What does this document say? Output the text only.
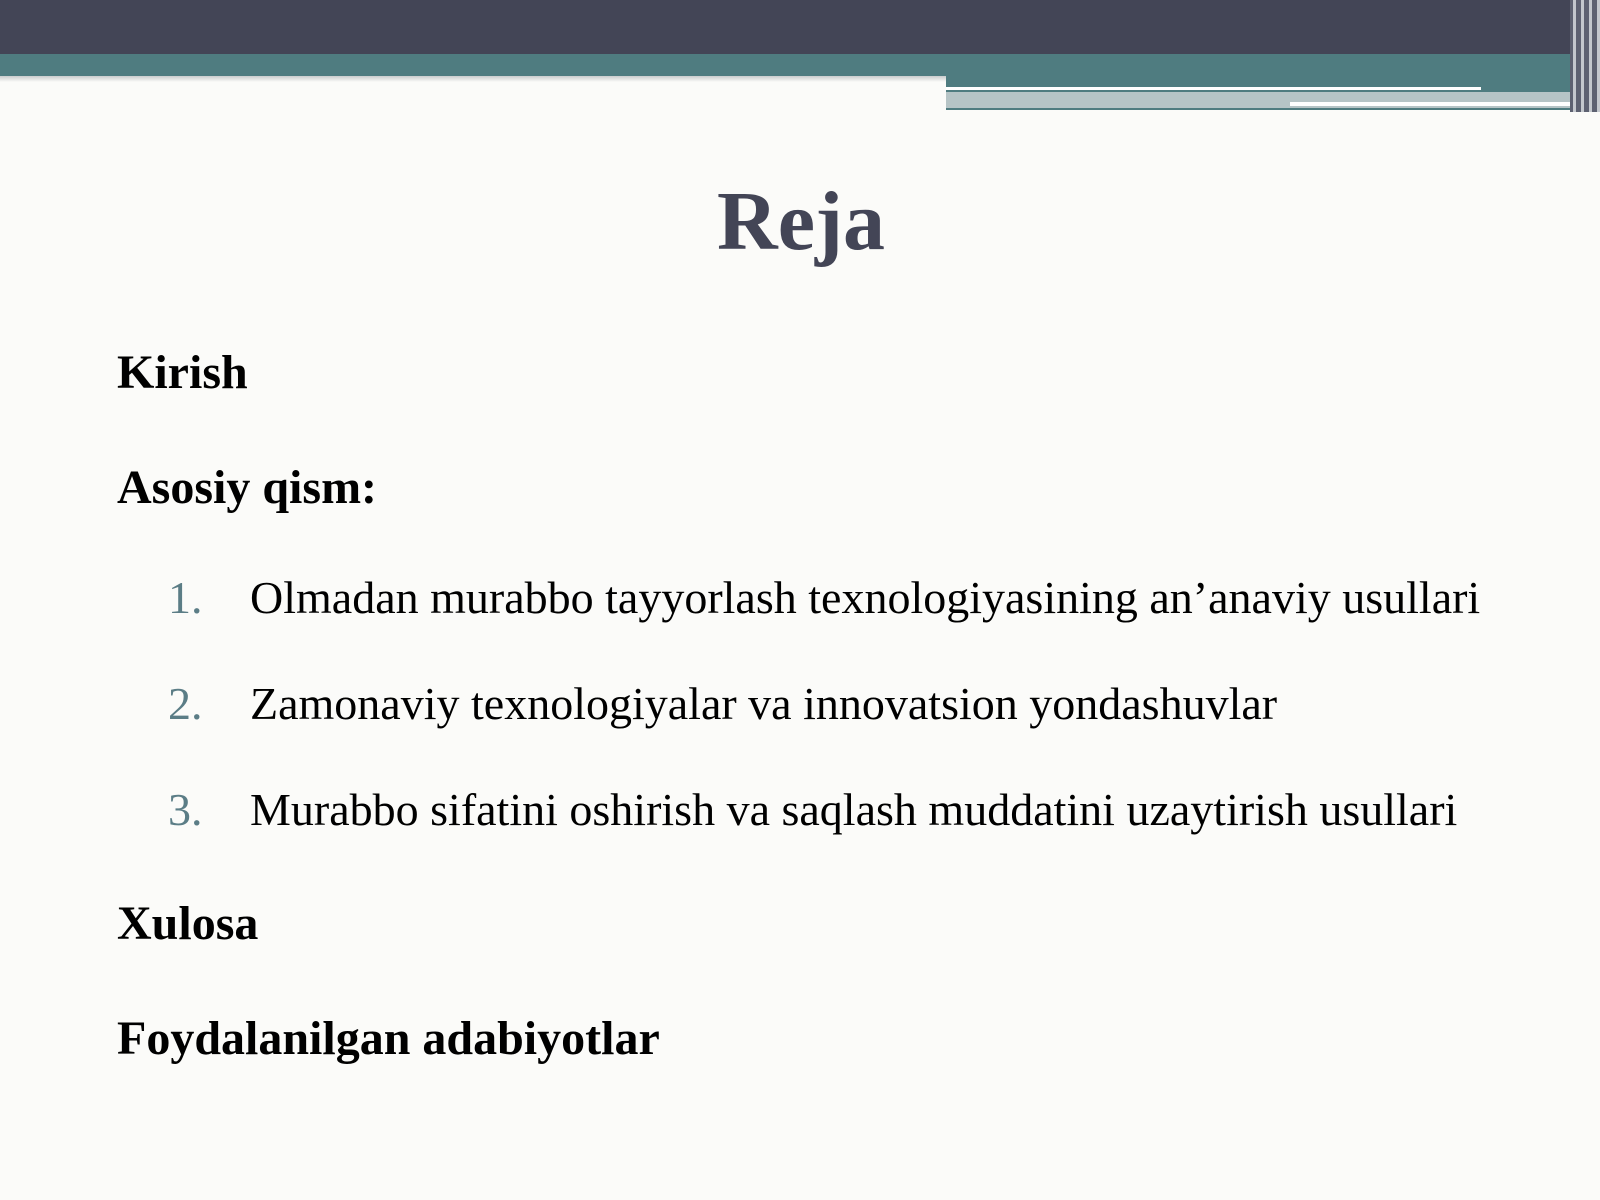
Reja
Kirish
Asosiy qism:
1. Olmadan murabbo tayyorlash texnologiyasining an’anaviy usullari
2. Zamonaviy texnologiyalar va innovatsion yondashuvlar
3. Murabbo sifatini oshirish va saqlash muddatini uzaytirish usullari
Xulosa
Foydalanilgan adabiyotlar
